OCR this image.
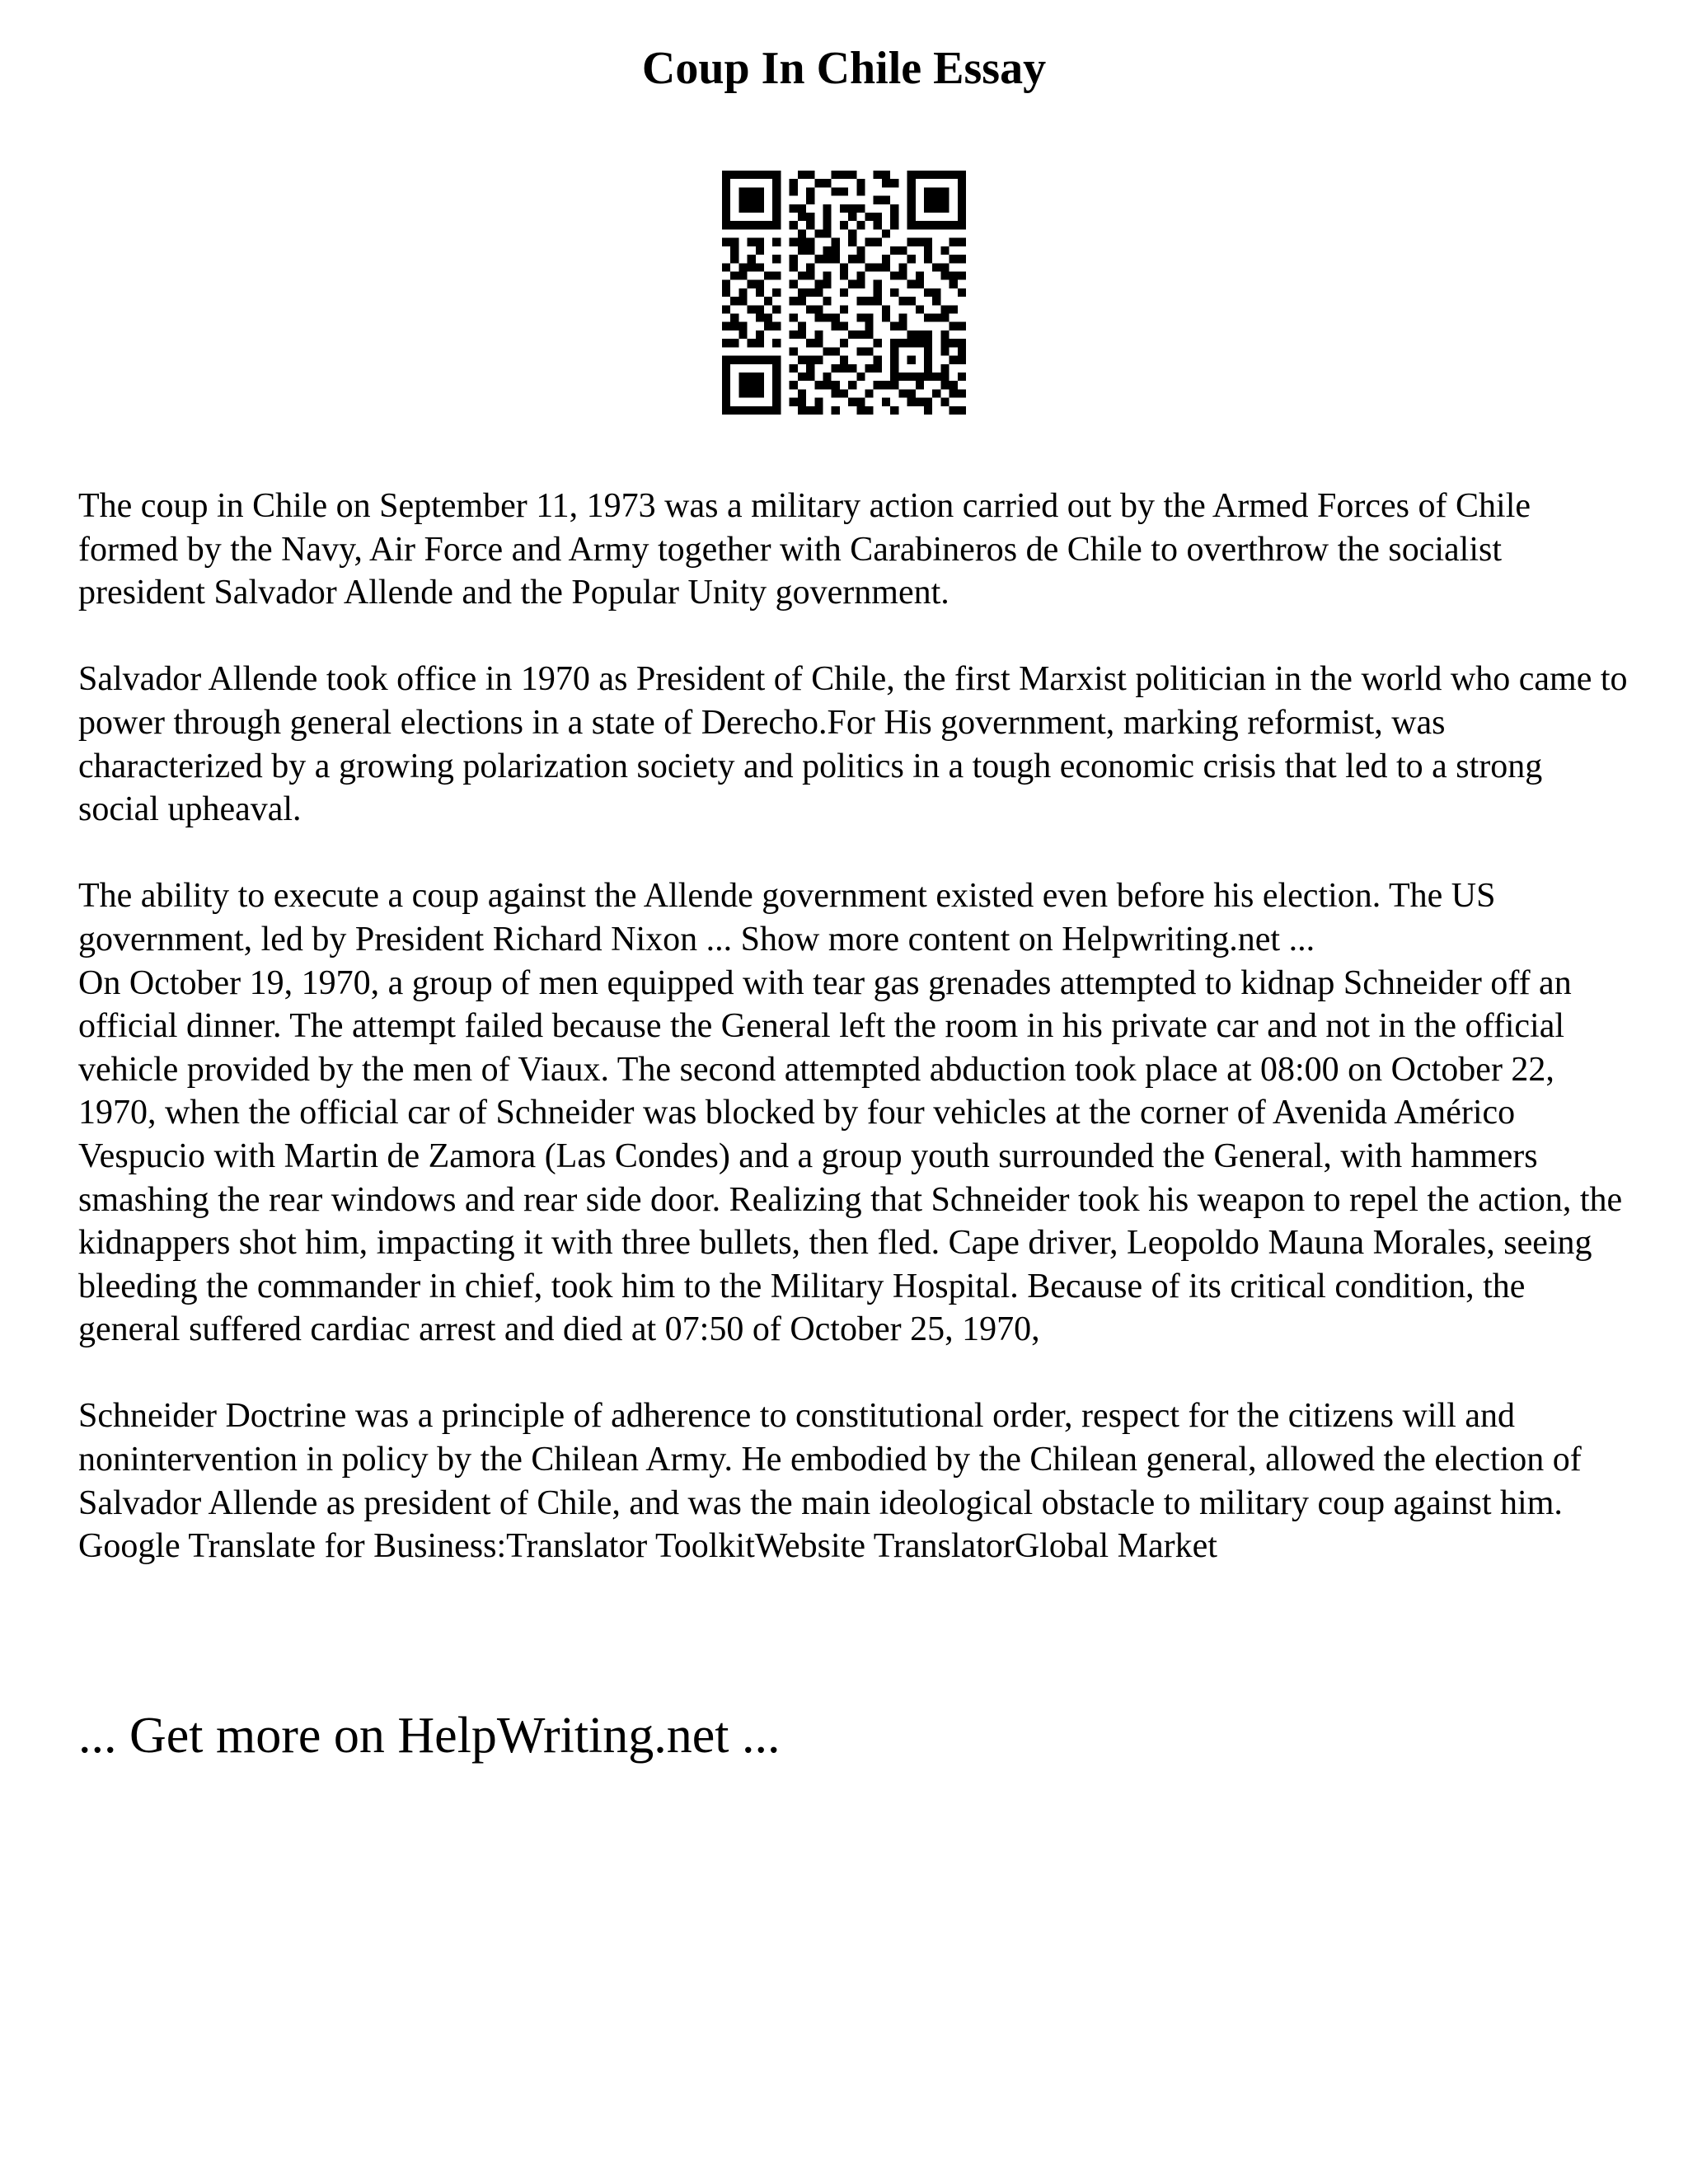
Coup In Chile Essay

The coup in Chile on September 11, 1973 was a military action carried out by the Armed Forces of Chile formed by the Navy, Air Force and Army together with Carabineros de Chile to overthrow the socialist president Salvador Allende and the Popular Unity government.

Salvador Allende took office in 1970 as President of Chile, the first Marxist politician in the world who came to power through general elections in a state of Derecho.For His government, marking reformist, was characterized by a growing polarization society and politics in a tough economic crisis that led to a strong social upheaval.

The ability to execute a coup against the Allende government existed even before his election. The US government, led by President Richard Nixon ... Show more content on Helpwriting.net ...

On October 19, 1970, a group of men equipped with tear gas grenades attempted to kidnap Schneider off an official dinner. The attempt failed because the General left the room in his private car and not in the official vehicle provided by the men of Viaux. The second attempted abduction took place at 08:00 on October 22, 1970, when the official car of Schneider was blocked by four vehicles at the corner of Avenida Américo Vespucio with Martin de Zamora (Las Condes) and a group youth surrounded the General, with hammers smashing the rear windows and rear side door. Realizing that Schneider took his weapon to repel the action, the kidnappers shot him, impacting it with three bullets, then fled. Cape driver, Leopoldo Mauna Morales, seeing bleeding the commander in chief, took him to the Military Hospital. Because of its critical condition, the general suffered cardiac arrest and died at 07:50 of October 25, 1970,

Schneider Doctrine was a principle of adherence to constitutional order, respect for the citizens will and nonintervention in policy by the Chilean Army. He embodied by the Chilean general, allowed the election of Salvador Allende as president of Chile, and was the main ideological obstacle to military coup against him.

Google Translate for Business:Translator ToolkitWebsite TranslatorGlobal Market

... Get more on HelpWriting.net ...
